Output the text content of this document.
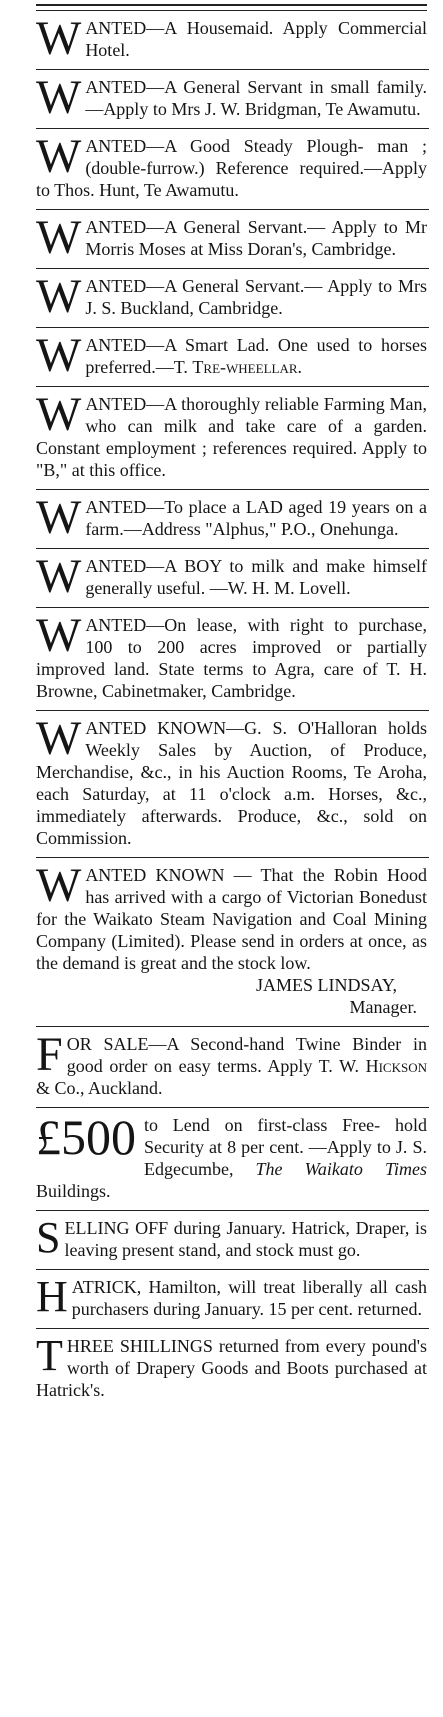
W ANTED—A Housemaid. Apply Commercial Hotel.
W ANTED—A General Servant in small family.—Apply to Mrs J. W. Bridgman, Te Awamutu.
W ANTED—A Good Steady Plough- man ; (double-furrow.) Reference required.—Apply to Thos. Hunt, Te Awamutu.
W ANTED—A General Servant.— Apply to Mr Morris Moses at Miss Doran's, Cambridge.
W ANTED—A General Servant.— Apply to Mrs J. S. Buckland, Cambridge.
W ANTED—A Smart Lad. One used to horses preferred.—T. Tre-wheellar.
W ANTED—A thoroughly reliable Farming Man, who can milk and take care of a garden. Constant employment ; references required. Apply to "B," at this office.
W ANTED—To place a LAD aged 19 years on a farm.—Address "Alphus," P.O., Onehunga.
W ANTED—A BOY to milk and make himself generally useful. —W. H. M. Lovell.
W ANTED—On lease, with right to purchase, 100 to 200 acres improved or partially improved land. State terms to Agra, care of T. H. Browne, Cabinetmaker, Cambridge.
W ANTED KNOWN—G. S. O'Halloran holds Weekly Sales by Auction, of Produce, Merchandise, &c., in his Auction Rooms, Te Aroha, each Saturday, at 11 o'clock a.m. Horses, &c., immediately afterwards. Produce, &c., sold on Commission.
W ANTED KNOWN — That the Robin Hood has arrived with a cargo of Victorian Bonedust for the Waikato Steam Navigation and Coal Mining Company (Limited). Please send in orders at once, as the demand is great and the stock low.
JAMES LINDSAY,
Manager.
F OR SALE—A Second-hand Twine Binder in good order on easy terms. Apply T. W. Hickson & Co., Auckland.
£500 to Lend on first-class Free- hold Security at 8 per cent. —Apply to J. S. Edgecumbe, The Waikato Times Buildings.
S ELLING OFF during January. Hatrick, Draper, is leaving present stand, and stock must go.
H ATRICK, Hamilton, will treat liberally all cash purchasers during January. 15 per cent. returned.
T HREE SHILLINGS returned from every pound's worth of Drapery Goods and Boots purchased at Hatrick's.
